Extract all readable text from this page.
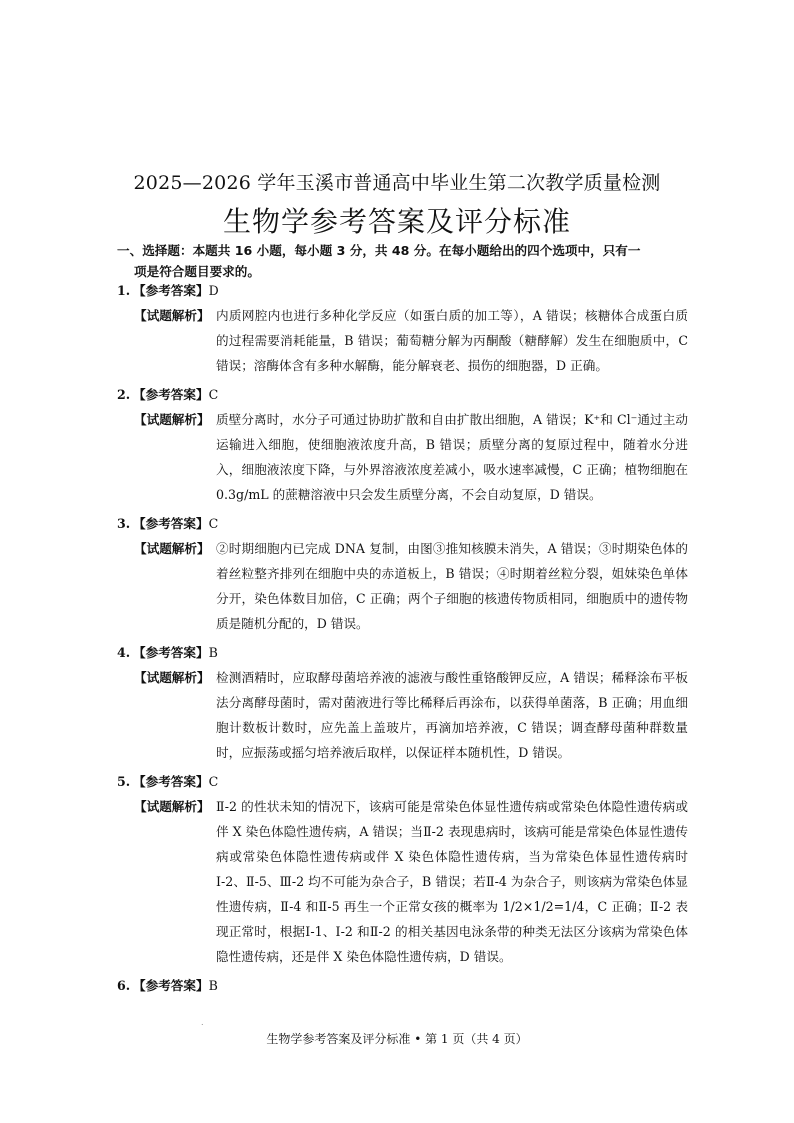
2025—2026 学年玉溪市普通高中毕业生第二次教学质量检测
生物学参考答案及评分标准
一、选择题：本题共 16 小题，每小题 3 分，共 48 分。在每小题给出的四个选项中，只有一
项是符合题目要求的。
1. 【参考答案】D
【试题解析】 内质网腔内也进行多种化学反应（如蛋白质的加工等），A 错误；核糖体合成蛋白质的过程需要消耗能量，B 错误；葡萄糖分解为丙酮酸（糖酵解）发生在细胞质中，C 错误；溶酶体含有多种水解酶，能分解衰老、损伤的细胞器，D 正确。
2. 【参考答案】C
【试题解析】 质壁分离时，水分子可通过协助扩散和自由扩散出细胞，A 错误；K⁺和 Cl⁻通过主动运输进入细胞，使细胞液浓度升高，B 错误；质壁分离的复原过程中，随着水分进入，细胞液浓度下降，与外界溶液浓度差减小，吸水速率减慢，C 正确；植物细胞在 0.3g/mL 的蔗糖溶液中只会发生质壁分离，不会自动复原，D 错误。
3. 【参考答案】C
【试题解析】 ②时期细胞内已完成 DNA 复制，由图③推知核膜未消失，A 错误；③时期染色体的着丝粒整齐排列在细胞中央的赤道板上，B 错误；④时期着丝粒分裂，姐妹染色单体分开，染色体数目加倍，C 正确；两个子细胞的核遗传物质相同，细胞质中的遗传物质是随机分配的，D 错误。
4. 【参考答案】B
【试题解析】 检测酒精时，应取酵母菌培养液的滤液与酸性重铬酸钾反应，A 错误；稀释涂布平板法分离酵母菌时，需对菌液进行等比稀释后再涂布，以获得单菌落，B 正确；用血细胞计数板计数时，应先盖上盖玻片，再滴加培养液，C 错误；调查酵母菌种群数量时，应振荡或摇匀培养液后取样，以保证样本随机性，D 错误。
5. 【参考答案】C
【试题解析】 Ⅱ-2 的性状未知的情况下，该病可能是常染色体显性遗传病或常染色体隐性遗传病或伴 X 染色体隐性遗传病，A 错误；当Ⅱ-2 表现患病时，该病可能是常染色体显性遗传病或常染色体隐性遗传病或伴 X 染色体隐性遗传病，当为常染色体显性遗传病时Ⅰ-2、Ⅱ-5、Ⅲ-2 均不可能为杂合子，B 错误；若Ⅱ-4 为杂合子，则该病为常染色体显性遗传病，Ⅱ-4 和Ⅱ-5 再生一个正常女孩的概率为 1/2×1/2=1/4，C 正确；Ⅱ-2 表现正常时，根据Ⅰ-1、Ⅰ-2 和Ⅱ-2 的相关基因电泳条带的种类无法区分该病为常染色体隐性遗传病，还是伴 X 染色体隐性遗传病，D 错误。
6. 【参考答案】B
.
生物学参考答案及评分标准 • 第 1 页（共 4 页）
